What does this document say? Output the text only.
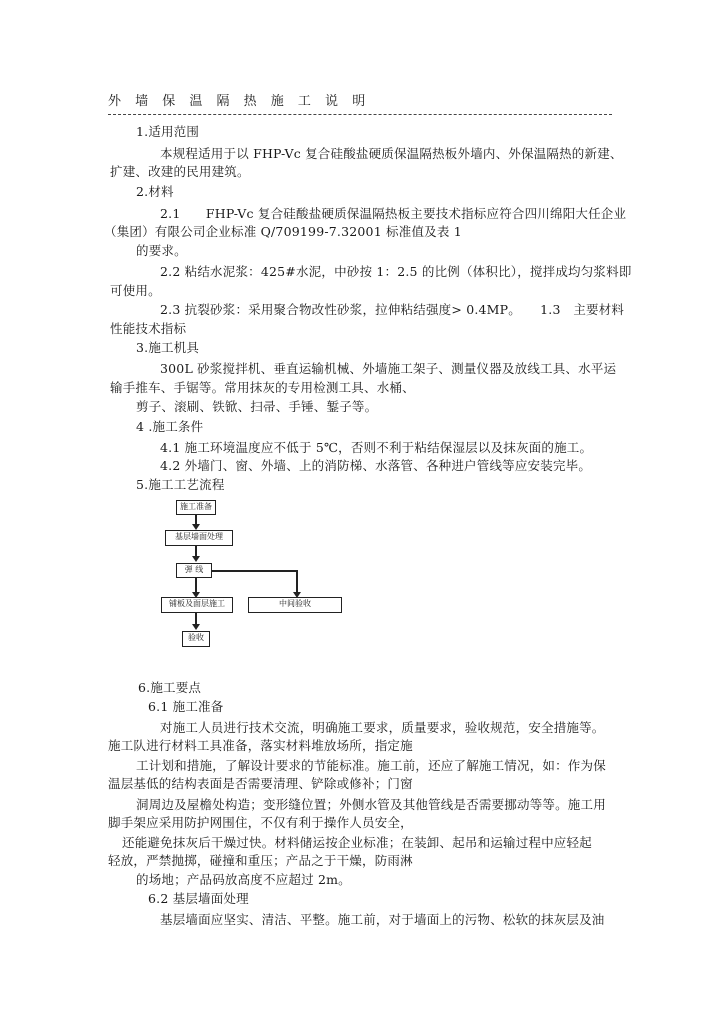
外 墙 保 温 隔 热 施 工 说 明
1.适用范围
本规程适用于以 FHP-Vc 复合硅酸盐硬质保温隔热板外墙内、外保温隔热的新建、
扩建、改建的民用建筑。
2.材料
2.1　　FHP-Vc 复合硅酸盐硬质保温隔热板主要技术指标应符合四川绵阳大任企业
（集团）有限公司企业标准 Q/709199-7.32001 标准值及表 1
的要求。
2.2 粘结水泥浆：425#水泥，中砂按 1：2.5 的比例（体积比），搅拌成均匀浆料即
可使用。
2.3 抗裂砂浆：采用聚合物改性砂浆，拉伸粘结强度> 0.4MP。　　1.3　主要材料
性能技术指标
3.施工机具
300L 砂浆搅拌机、垂直运输机械、外墙施工架子、测量仪器及放线工具、水平运
输手推车、手锯等。常用抹灰的专用检测工具、水桶、
剪子、滚刷、铁锨、扫帚、手锤、錾子等。
4 .施工条件
4.1 施工环境温度应不低于 5℃，否则不利于粘结保湿层以及抹灰面的施工。
4.2 外墙门、窗、外墙、上的消防梯、水落管、各种进户管线等应安装完毕。
5.施工工艺流程
施工准备
基层墙面处理
弹 线
铺板及面层施工	中间验收
验收
6.施工要点
6.1 施工准备
对施工人员进行技术交流，明确施工要求，质量要求，验收规范，安全措施等。
施工队进行材料工具准备，落实材料堆放场所，指定施
工计划和措施，了解设计要求的节能标准。施工前，还应了解施工情况，如：作为保
温层基低的结构表面是否需要清理、铲除或修补；门窗
洞周边及屋檐处构造；变形缝位置；外侧水管及其他管线是否需要挪动等等。施工用
脚手架应采用防护网围住，不仅有利于操作人员安全，
还能避免抹灰后干燥过快。材料储运按企业标准；在装卸、起吊和运输过程中应轻起
轻放，严禁抛掷，碰撞和重压；产品之于干燥，防雨淋
的场地；产品码放高度不应超过 2m。
6.2 基层墙面处理
基层墙面应坚实、清洁、平整。施工前，对于墙面上的污物、松软的抹灰层及油
